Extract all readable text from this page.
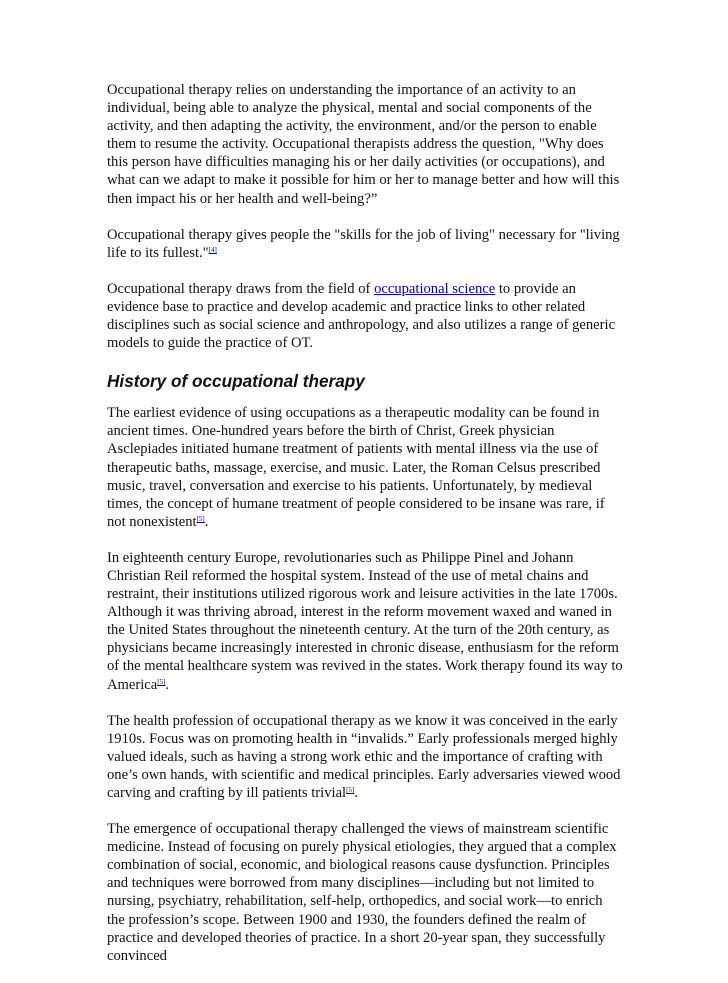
Occupational therapy relies on understanding the importance of an activity to an individual, being able to analyze the physical, mental and social components of the activity, and then adapting the activity, the environment, and/or the person to enable them to resume the activity. Occupational therapists address the question, "Why does this person have difficulties managing his or her daily activities (or occupations), and what can we adapt to make it possible for him or her to manage better and how will this then impact his or her health and well-being?”

Occupational therapy gives people the "skills for the job of living" necessary for "living life to its fullest."[4]

Occupational therapy draws from the field of occupational science to provide an evidence base to practice and develop academic and practice links to other related disciplines such as social science and anthropology, and also utilizes a range of generic models to guide the practice of OT.

History of occupational therapy

The earliest evidence of using occupations as a therapeutic modality can be found in ancient times. One-hundred years before the birth of Christ, Greek physician Asclepiades initiated humane treatment of patients with mental illness via the use of therapeutic baths, massage, exercise, and music. Later, the Roman Celsus prescribed music, travel, conversation and exercise to his patients. Unfortunately, by medieval times, the concept of humane treatment of people considered to be insane was rare, if not nonexistent[5].

In eighteenth century Europe, revolutionaries such as Philippe Pinel and Johann Christian Reil reformed the hospital system. Instead of the use of metal chains and restraint, their institutions utilized rigorous work and leisure activities in the late 1700s. Although it was thriving abroad, interest in the reform movement waxed and waned in the United States throughout the nineteenth century. At the turn of the 20th century, as physicians became increasingly interested in chronic disease, enthusiasm for the reform of the mental healthcare system was revived in the states. Work therapy found its way to America[5].

The health profession of occupational therapy as we know it was conceived in the early 1910s. Focus was on promoting health in “invalids.” Early professionals merged highly valued ideals, such as having a strong work ethic and the importance of crafting with one’s own hands, with scientific and medical principles. Early adversaries viewed wood carving and crafting by ill patients trivial[5].

The emergence of occupational therapy challenged the views of mainstream scientific medicine. Instead of focusing on purely physical etiologies, they argued that a complex combination of social, economic, and biological reasons cause dysfunction. Principles and techniques were borrowed from many disciplines—including but not limited to nursing, psychiatry, rehabilitation, self-help, orthopedics, and social work—to enrich the profession’s scope. Between 1900 and 1930, the founders defined the realm of practice and developed theories of practice. In a short 20-year span, they successfully convinced
